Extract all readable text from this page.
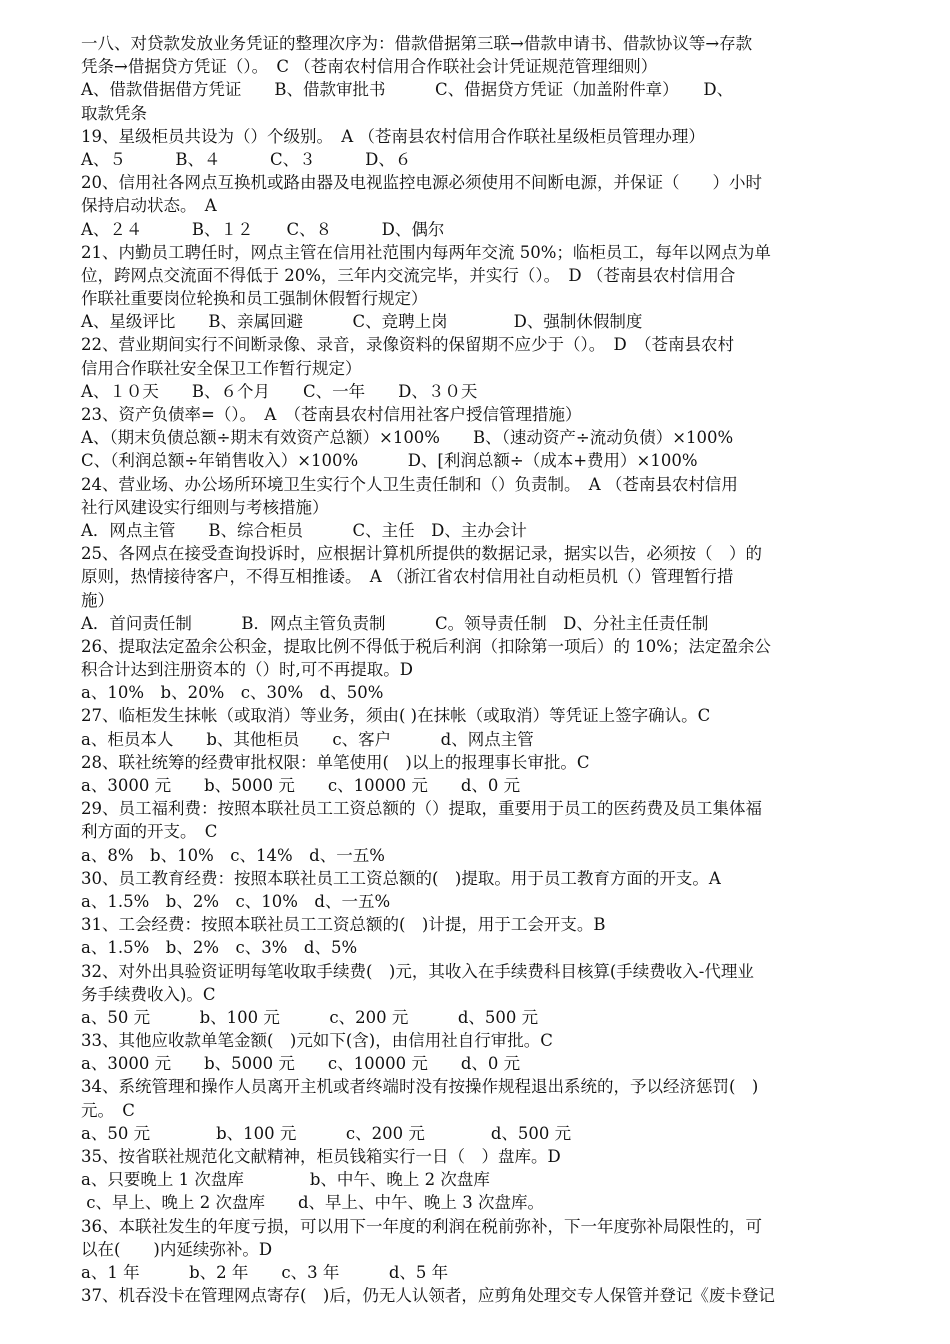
一八、对贷款发放业务凭证的整理次序为：借款借据第三联→借款申请书、借款协议等→存款
凭条→借据贷方凭证（）。　C （苍南农村信用合作联社会计凭证规范管理细则）
A、借款借据借方凭证　　B、借款审批书　　　C、借据贷方凭证（加盖附件章）　　D、
取款凭条
19、星级柜员共设为（）个级别。　A （苍南县农村信用合作联社星级柜员管理办理）
A、５　　　B、４　　　C、３　　　D、６
20、信用社各网点互换机或路由器及电视监控电源必须使用不间断电源，并保证（　　）小时
保持启动状态。　A
A、２４　　　B、１２　　C、８　　　D、偶尔
21、内勤员工聘任时，网点主管在信用社范围内每两年交流 50%；临柜员工，每年以网点为单
位，跨网点交流面不得低于 20%，三年内交流完毕，并实行（）。　D （苍南县农村信用合
作联社重要岗位轮换和员工强制休假暂行规定）
A、星级评比　　B、亲属回避　　　C、竞聘上岗　　　　D、强制休假制度
22、营业期间实行不间断录像、录音，录像资料的保留期不应少于（）。　D　（苍南县农村
信用合作联社安全保卫工作暂行规定）
A、１０天　　B、６个月　　C、一年　　D、３０天
23、资产负债率=（）。　A　（苍南县农村信用社客户授信管理措施）
A、（期末负债总额÷期末有效资产总额）×100%　　B、（速动资产÷流动负债）×100%
C、（利润总额÷年销售收入）×100%　　　D、[利润总额÷（成本+费用）×100%
24、营业场、办公场所环境卫生实行个人卫生责任制和（）负责制。　A （苍南县农村信用
社行风建设实行细则与考核措施）
A．网点主管　　B、综合柜员　　　C、主任　D、主办会计
25、各网点在接受查询投诉时，应根据计算机所提供的数据记录，据实以告，必须按（　）的
原则，热情接待客户，不得互相推诿。　A （浙江省农村信用社自动柜员机（）管理暂行措
施）
A．首问责任制　　　B．网点主管负责制　　　C。领导责任制　D、分社主任责任制
26、提取法定盈余公积金，提取比例不得低于税后利润（扣除第一项后）的 10%；法定盈余公
积合计达到注册资本的（）时,可不再提取。D
a、10%　b、20%　c、30%　d、50%
27、临柜发生抹帐（或取消）等业务，须由( )在抹帐（或取消）等凭证上签字确认。C
a、柜员本人　　b、其他柜员　　c、客户　　　d、网点主管
28、联社统筹的经费审批权限：单笔使用(　)以上的报理事长审批。C
a、3000 元　　b、5000 元　　c、10000 元　　d、0 元
29、员工福利费：按照本联社员工工资总额的（）提取，重要用于员工的医药费及员工集体福
利方面的开支。　C
a、8%　b、10%　c、14%　d、一五%
30、员工教育经费：按照本联社员工工资总额的(　)提取。用于员工教育方面的开支。A
a、1.5%　b、2%　c、10%　d、一五%
31、工会经费：按照本联社员工工资总额的(　)计提，用于工会开支。B
a、1.5%　b、2%　c、3%　d、5%
32、对外出具验资证明每笔收取手续费(　)元，其收入在手续费科目核算(手续费收入-代理业
务手续费收入)。C
a、50 元　　　b、100 元　　　c、200 元　　　d、500 元
33、其他应收款单笔金额(　)元如下(含)，由信用社自行审批。C
a、3000 元　　b、5000 元　　c、10000 元　　d、0 元
34、系统管理和操作人员离开主机或者终端时没有按操作规程退出系统的，予以经济惩罚(　)
元。　C
a、50 元　　　　b、100 元　　　c、200 元　　　　d、500 元
35、按省联社规范化文献精神，柜员钱箱实行一日（　）盘库。D
a、只要晚上 1 次盘库　　　　b、中午、晚上 2 次盘库
c、早上、晚上 2 次盘库　　d、早上、中午、晚上 3 次盘库。
36、本联社发生的年度亏损，可以用下一年度的利润在税前弥补，下一年度弥补局限性的，可
以在(　　)内延续弥补。D
a、1 年　　　b、2 年　　c、3 年　　　d、5 年
37、机吞没卡在管理网点寄存(　)后，仍无人认领者，应剪角处理交专人保管并登记《废卡登记
